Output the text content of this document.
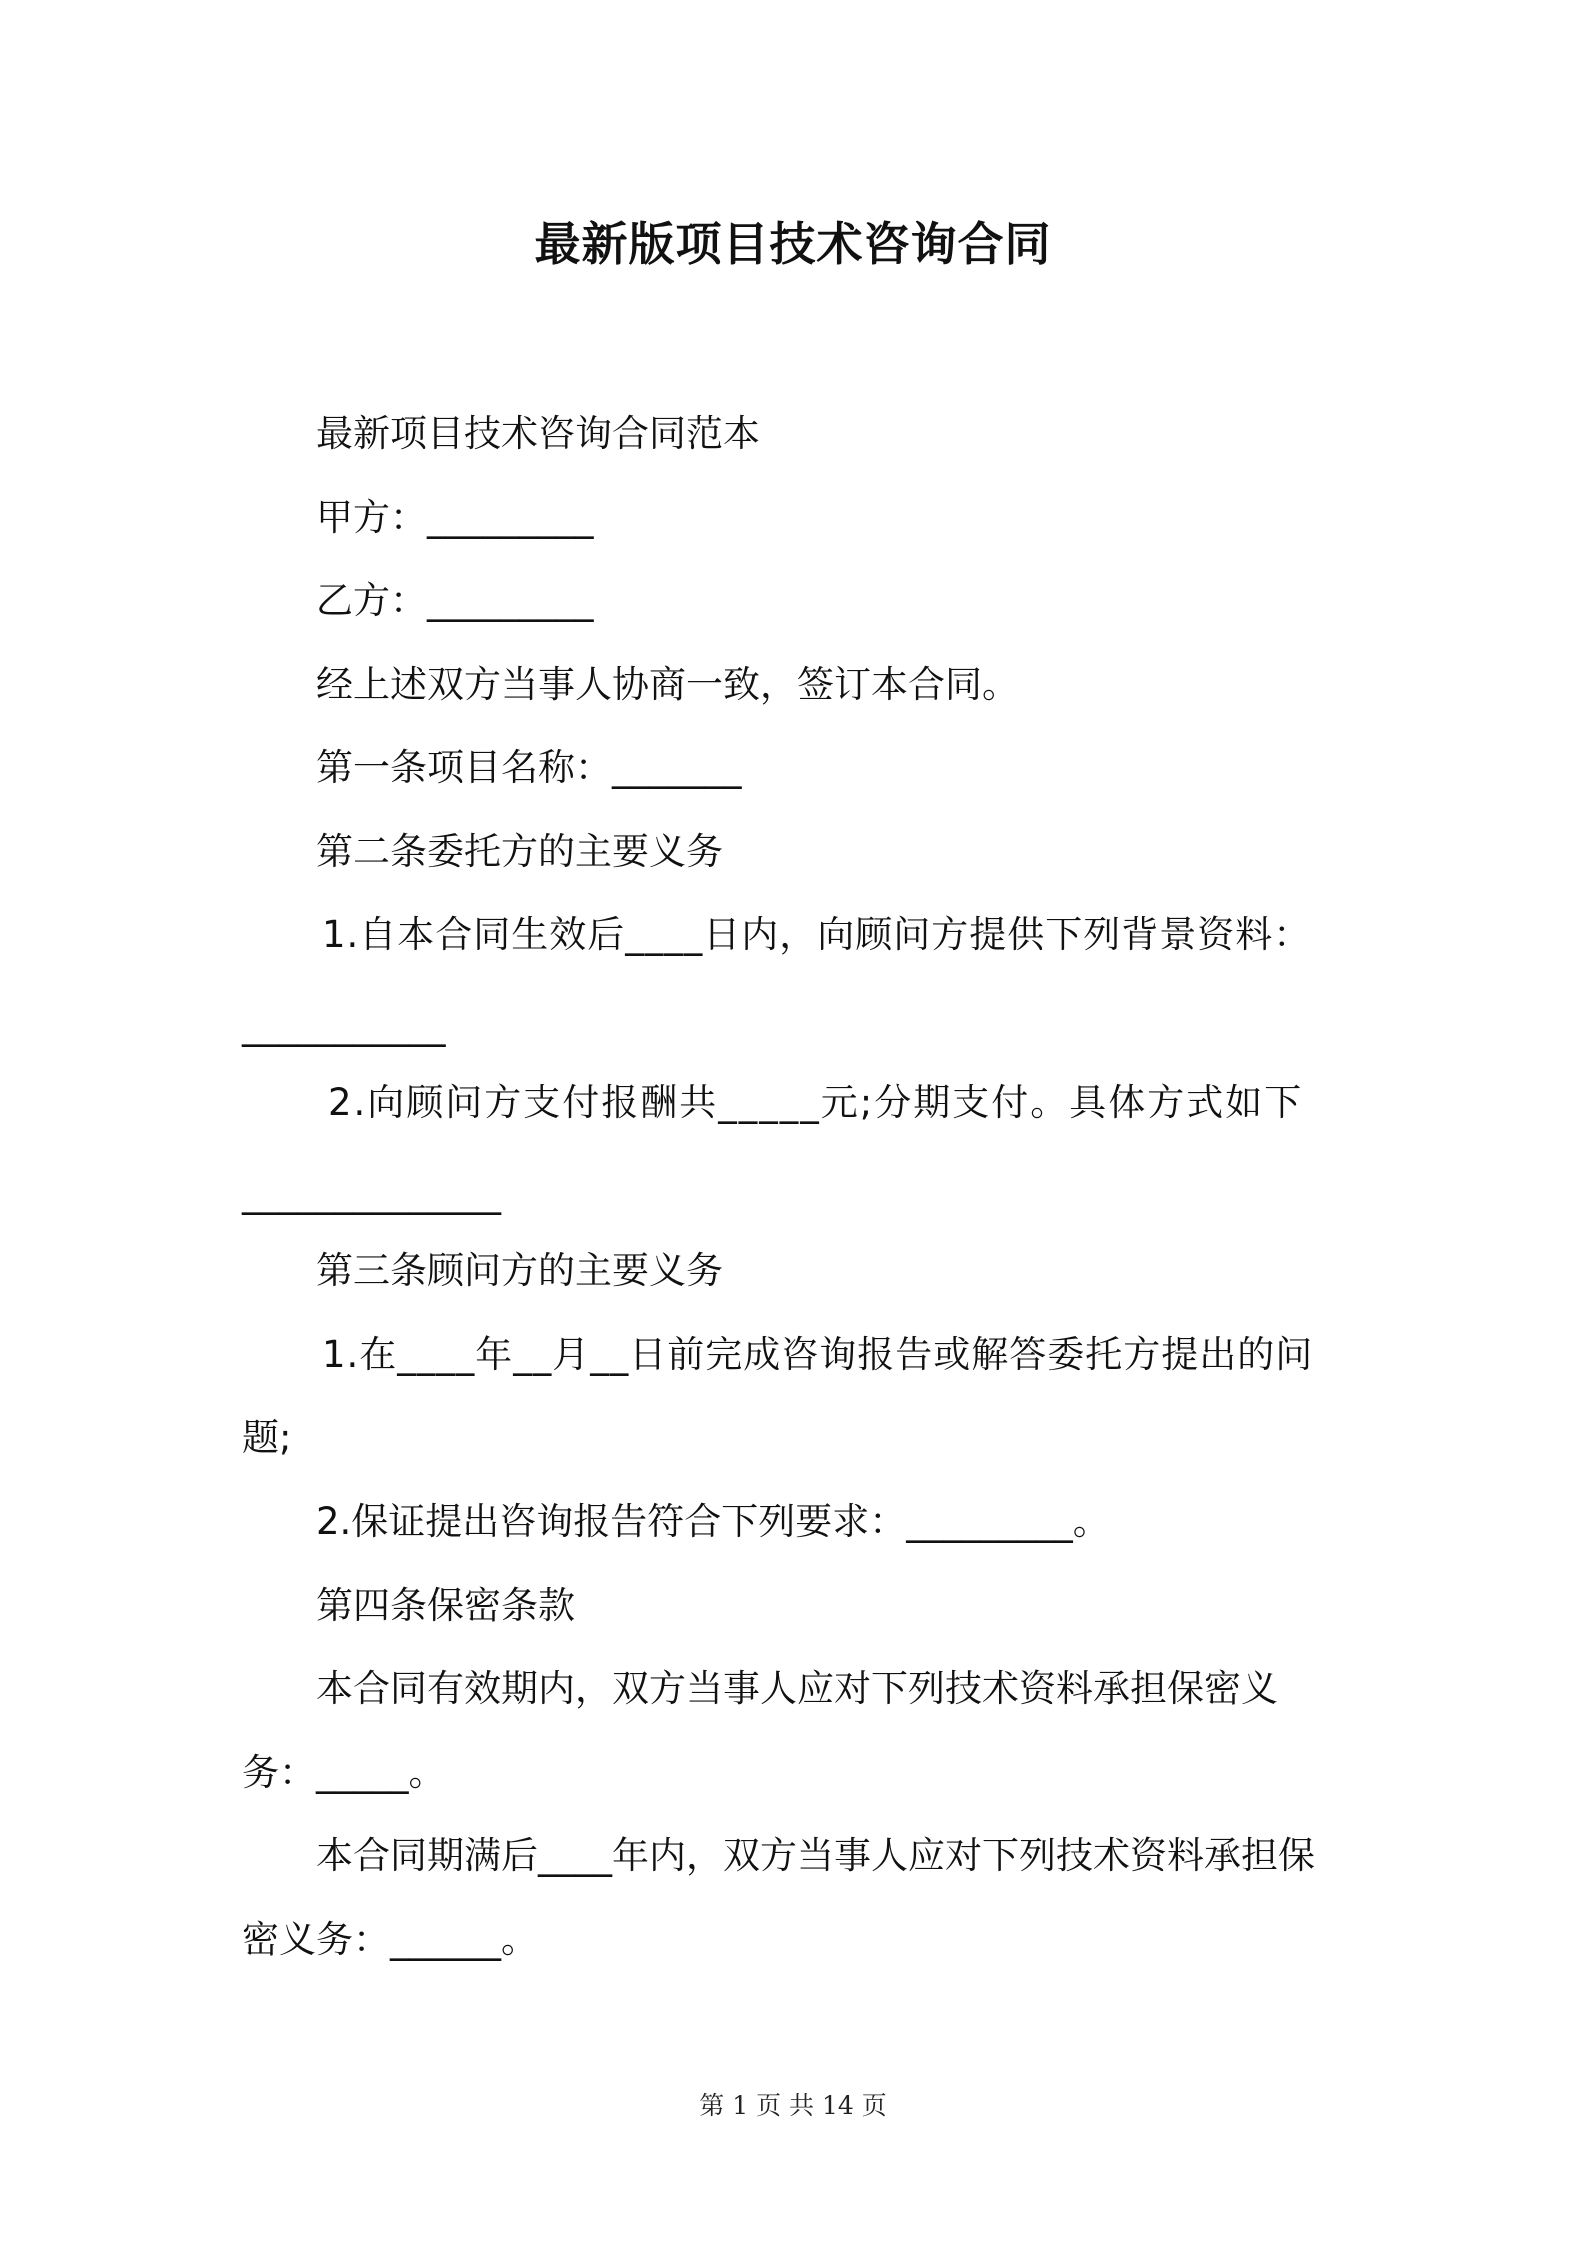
最新版项目技术咨询合同
最新项目技术咨询合同范本
甲方：_________
乙方：_________
经上述双方当事人协商一致，签订本合同。
第一条项目名称：_______
第二条委托方的主要义务
1.自本合同生效后____日内，向顾问方提供下列背景资料：
___________
2.向顾问方支付报酬共_____元;分期支付。具体方式如下
______________
第三条顾问方的主要义务
1.在____年__月__日前完成咨询报告或解答委托方提出的问
题;
2.保证提出咨询报告符合下列要求：_________。
第四条保密条款
本合同有效期内，双方当事人应对下列技术资料承担保密义
务：_____。
本合同期满后____年内，双方当事人应对下列技术资料承担保
密义务：______。
第 1 页 共 14 页
